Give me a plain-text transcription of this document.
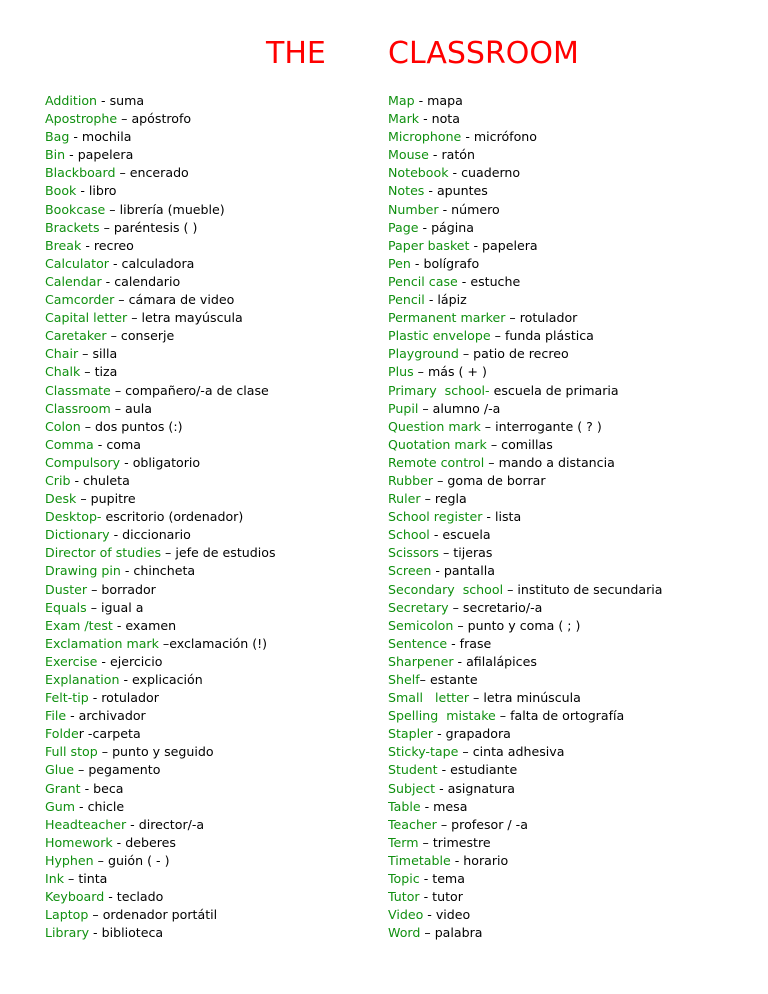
THE CLASSROOM
Addition - suma
Apostrophe – apóstrofo
Bag - mochila
Bin - papelera
Blackboard – encerado
Book - libro
Bookcase – librería (mueble)
Brackets – paréntesis ( )
Break - recreo
Calculator - calculadora
Calendar - calendario
Camcorder – cámara de video
Capital letter – letra mayúscula
Caretaker – conserje
Chair – silla
Chalk – tiza
Classmate – compañero/-a de clase
Classroom – aula
Colon – dos puntos (:)
Comma - coma
Compulsory - obligatorio
Crib - chuleta
Desk – pupitre
Desktop- escritorio (ordenador)
Dictionary - diccionario
Director of studies – jefe de estudios
Drawing pin - chincheta
Duster – borrador
Equals – igual a
Exam /test - examen
Exclamation mark –exclamación (!)
Exercise - ejercicio
Explanation - explicación
Felt-tip - rotulador
File - archivador
Folder -carpeta
Full stop – punto y seguido
Glue – pegamento
Grant - beca
Gum - chicle
Headteacher - director/-a
Homework - deberes
Hyphen – guión ( - )
Ink – tinta
Keyboard - teclado
Laptop – ordenador portátil
Library - biblioteca
Map - mapa
Mark - nota
Microphone - micrófono
Mouse - ratón
Notebook - cuaderno
Notes - apuntes
Number - número
Page - página
Paper basket - papelera
Pen - bolígrafo
Pencil case - estuche
Pencil - lápiz
Permanent marker – rotulador
Plastic envelope – funda plástica
Playground – patio de recreo
Plus – más ( + )
Primary  school- escuela de primaria
Pupil – alumno /-a
Question mark – interrogante ( ? )
Quotation mark – comillas
Remote control – mando a distancia
Rubber – goma de borrar
Ruler – regla
School register - lista
School - escuela
Scissors – tijeras
Screen - pantalla
Secondary  school – instituto de secundaria
Secretary – secretario/-a
Semicolon – punto y coma ( ; )
Sentence - frase
Sharpener - afilalápices
Shelf– estante
Small   letter – letra minúscula
Spelling  mistake – falta de ortografía
Stapler - grapadora
Sticky-tape – cinta adhesiva
Student - estudiante
Subject - asignatura
Table - mesa
Teacher – profesor / -a
Term – trimestre
Timetable - horario
Topic - tema
Tutor - tutor
Video - video
Word – palabra
